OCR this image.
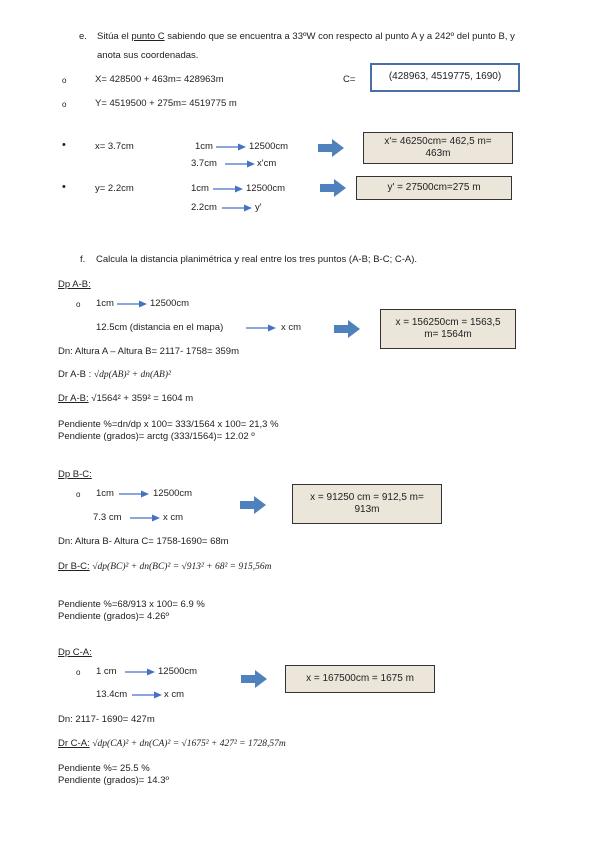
e. Sitúa el punto C sabiendo que se encuentra a 33ºW con respecto al punto A y a 242º del punto B, y
anota sus coordenadas.
o	X= 428500 + 463m= 428963m	C=	(428963, 4519775, 1690)
o	Y= 4519500 + 275m= 4519775 m
•	x= 3.7cm	1cm	12500cm
3.7cm	x'cm
x'= 46250cm= 462,5 m= 463m
•	y= 2.2cm	1cm	12500cm
2.2cm	y'
y' = 27500cm=275 m
f. Calcula la distancia planimétrica y real entre los tres puntos (A-B; B-C; C-A).
Dp A-B:
o 1cm	12500cm
12.5cm (distancia en el mapa)	x cm	x = 156250cm = 1563,5 m= 1564m
Dn: Altura A – Altura B= 2117- 1758= 359m
Dr A-B : √dp(AB)² + dn(AB)²
Dr A-B: √1564² + 359² = 1604 m
Pendiente %=dn/dp x 100= 333/1564 x 100= 21,3 %
Pendiente (grados)= arctg (333/1564)= 12.02 º
Dp B-C:
o 1cm	12500cm
7.3 cm	x cm
x = 91250 cm = 912,5 m= 913m
Dn: Altura B- Altura C= 1758-1690= 68m
Dr B-C: √dp(BC)² + dn(BC)² = √913² + 68² = 915,56m
Pendiente %=68/913 x 100= 6.9 %
Pendiente (grados)= 4.26º
Dp C-A:
o 1 cm	12500cm
13.4cm	x cm
x = 167500cm = 1675 m
Dn: 2117- 1690= 427m
Dr C-A: √dp(CA)² + dn(CA)² = √1675² + 427² = 1728,57m
Pendiente %= 25.5 %
Pendiente (grados)= 14.3º
